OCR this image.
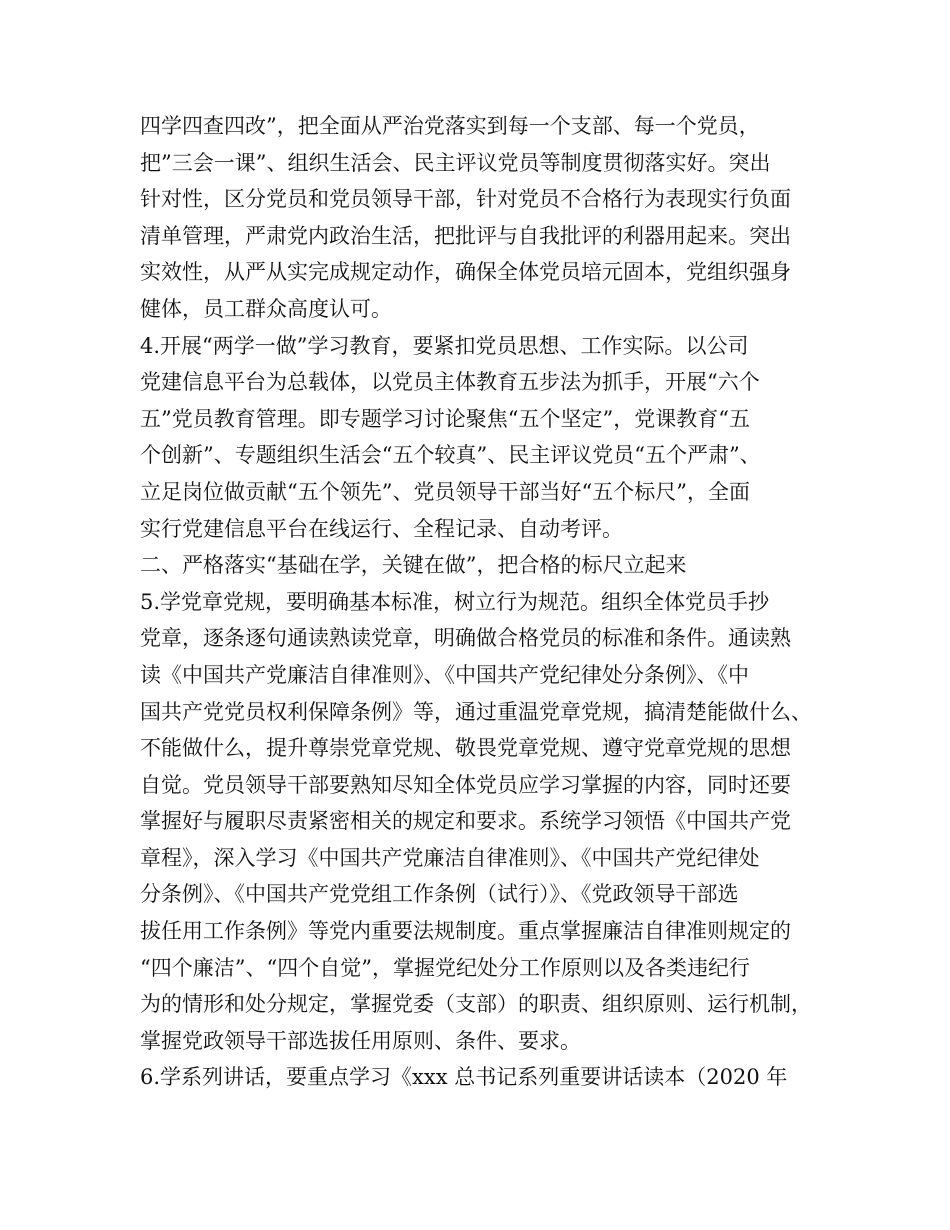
四学四查四改”，把全面从严治党落实到每一个支部、每一个党员，
把”三会一课”、组织生活会、民主评议党员等制度贯彻落实好。突出
针对性，区分党员和党员领导干部，针对党员不合格行为表现实行负面
清单管理，严肃党内政治生活，把批评与自我批评的利器用起来。突出
实效性，从严从实完成规定动作，确保全体党员培元固本，党组织强身
健体，员工群众高度认可。
4.开展“两学一做”学习教育，要紧扣党员思想、工作实际。以公司
党建信息平台为总载体，以党员主体教育五步法为抓手，开展“六个
五”党员教育管理。即专题学习讨论聚焦“五个坚定”，党课教育“五
个创新”、专题组织生活会“五个较真”、民主评议党员“五个严肃”、
立足岗位做贡献“五个领先”、党员领导干部当好“五个标尺”，全面
实行党建信息平台在线运行、全程记录、自动考评。
二、严格落实“基础在学，关键在做”，把合格的标尺立起来
5.学党章党规，要明确基本标准，树立行为规范。组织全体党员手抄
党章，逐条逐句通读熟读党章，明确做合格党员的标准和条件。通读熟
读《中国共产党廉洁自律准则》、《中国共产党纪律处分条例》、《中
国共产党党员权利保障条例》等，通过重温党章党规，搞清楚能做什么、
不能做什么，提升尊崇党章党规、敬畏党章党规、遵守党章党规的思想
自觉。党员领导干部要熟知尽知全体党员应学习掌握的内容，同时还要
掌握好与履职尽责紧密相关的规定和要求。系统学习领悟《中国共产党
章程》，深入学习《中国共产党廉洁自律准则》、《中国共产党纪律处
分条例》、《中国共产党党组工作条例（试行）》、《党政领导干部选
拔任用工作条例》等党内重要法规制度。重点掌握廉洁自律准则规定的
“四个廉洁”、“四个自觉”，掌握党纪处分工作原则以及各类违纪行
为的情形和处分规定，掌握党委（支部）的职责、组织原则、运行机制，
掌握党政领导干部选拔任用原则、条件、要求。
6.学系列讲话，要重点学习《xxx 总书记系列重要讲话读本（2020 年
